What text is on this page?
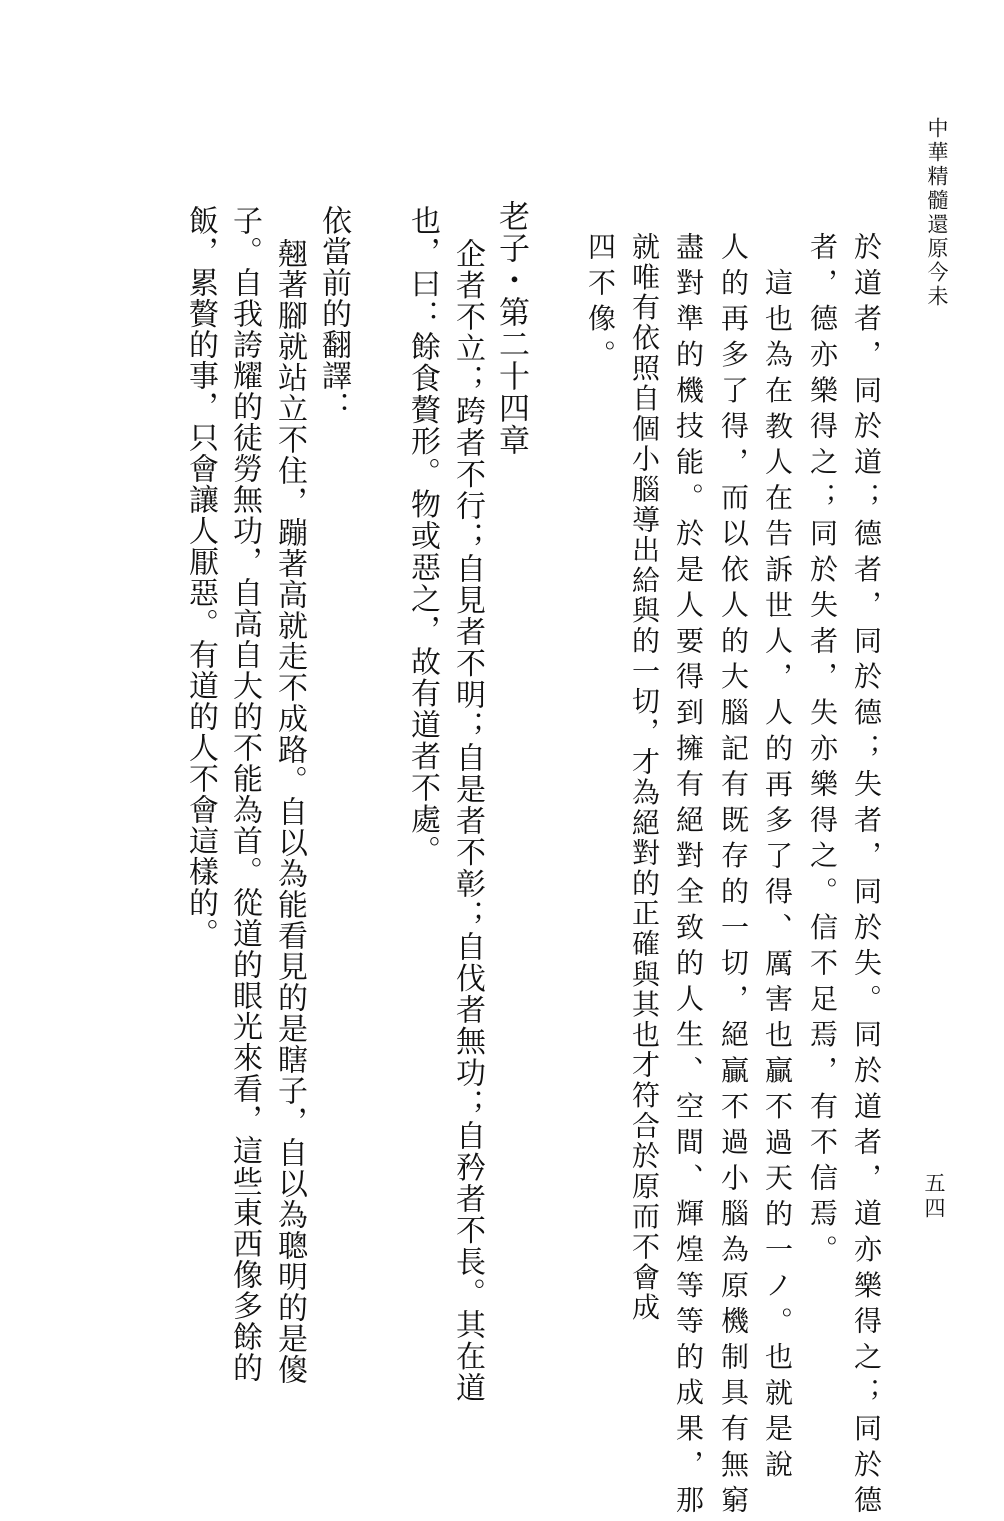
中華精髓還原今未
五四

於道者，同於道；德者，同於德；失者，同於失。同於道者，道亦樂得之；同於德

者，德亦樂得之；同於失者，失亦樂得之。信不足焉，有不信焉。

這也為在教人在告訴世人，人的再多了得、厲害也贏不過天的一ノ。也就是說

人的再多了得，而以依人的大腦記有既存的一切，絕贏不過小腦為原機制具有無窮

盡對準的機技能。於是人要得到擁有絕對全致的人生、空間、輝煌等等的成果，那

就唯有依照自個小腦導出給與的一切，才為絕對的正確與其也才符合於原而不會成

四不像。

老子・第二十四章

企者不立；跨者不行；自見者不明；自是者不彰；自伐者無功；自矜者不長。其在道

也，曰：餘食贅形。物或惡之，故有道者不處。

依當前的翻譯：

翹著腳就站立不住，蹦著高就走不成路。自以為能看見的是瞎子，自以為聰明的是傻

子。自我誇耀的徒勞無功，自高自大的不能為首。從道的眼光來看，這些東西像多餘的

飯，累贅的事，只會讓人厭惡。有道的人不會這樣的。
